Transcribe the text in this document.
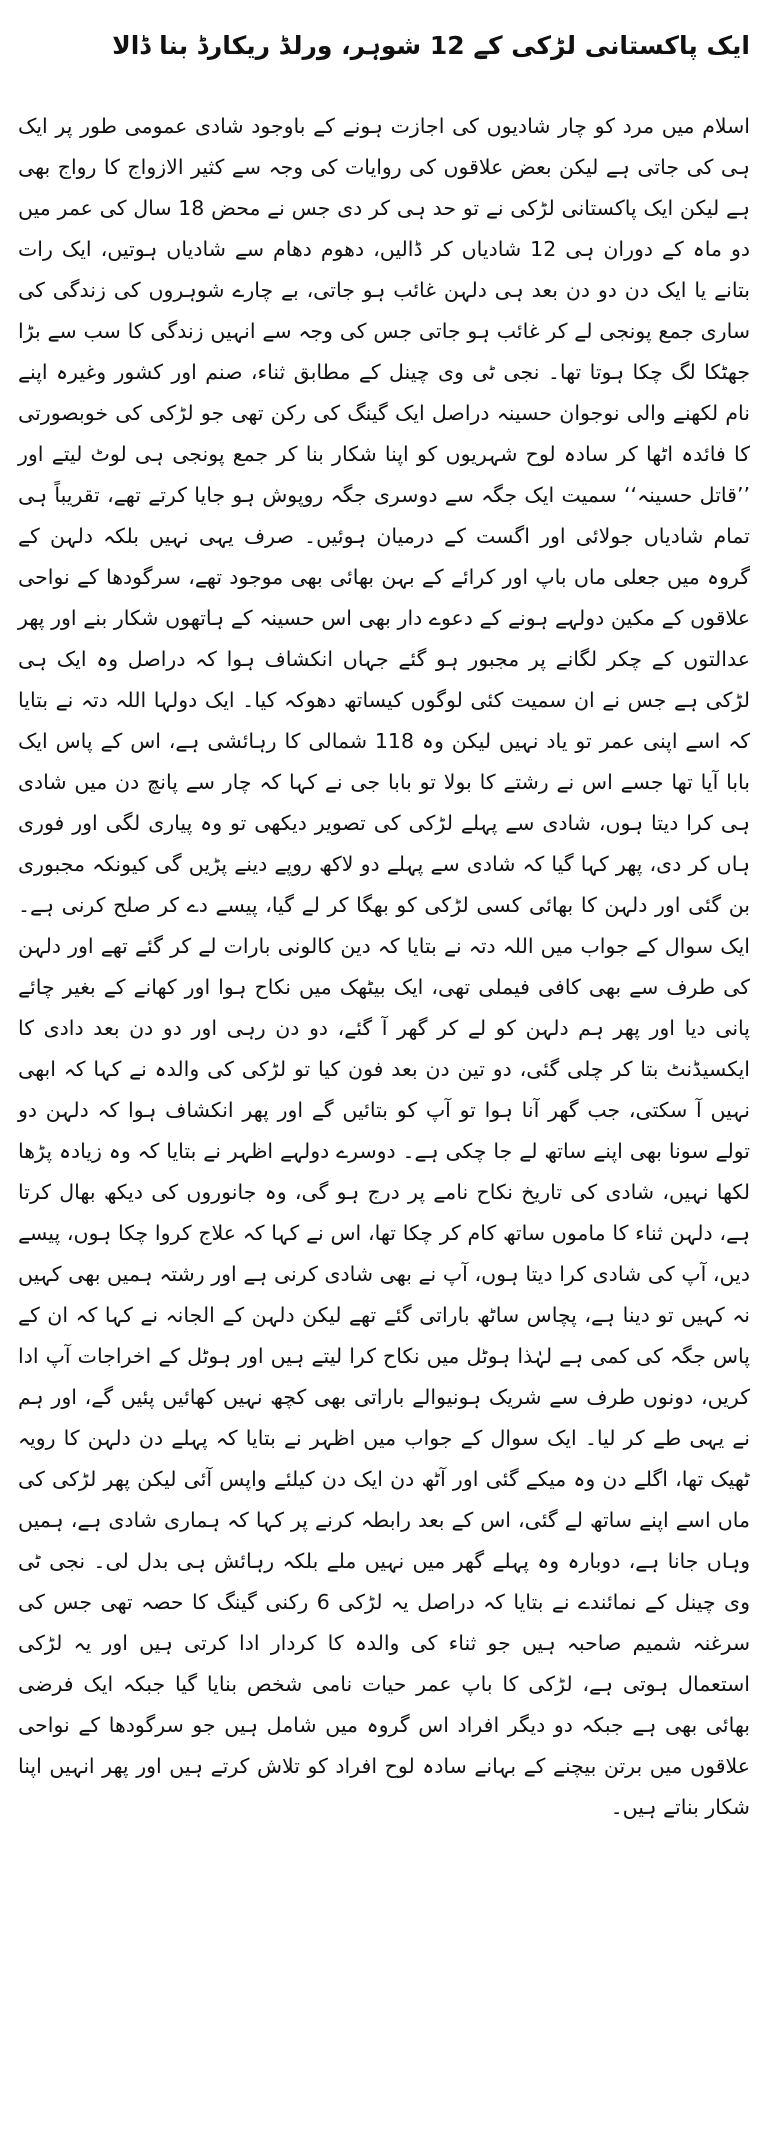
ایک پاکستانی لڑکی کے 12 شوہر، ورلڈ ریکارڈ بنا ڈالا

اسلام میں مرد کو چار شادیوں کی اجازت ہونے کے باوجود شادی عمومی طور پر ایک ہی کی جاتی ہے لیکن بعض علاقوں کی روایات کی وجہ سے کثیر الازواج کا رواج بھی ہے لیکن ایک پاکستانی لڑکی نے تو حد ہی کر دی جس نے محض 18 سال کی عمر میں دو ماہ کے دوران ہی 12 شادیاں کر ڈالیں، دھوم دھام سے شادیاں ہوتیں، ایک رات بتانے یا ایک دن دو دن بعد ہی دلہن غائب ہو جاتی، بے چارے شوہروں کی زندگی کی ساری جمع پونجی لے کر غائب ہو جاتی جس کی وجہ سے انہیں زندگی کا سب سے بڑا جھٹکا لگ چکا ہوتا تھا۔ نجی ٹی وی چینل کے مطابق ثناء، صنم اور کشور وغیرہ اپنے نام لکھنے والی نوجوان حسینہ دراصل ایک گینگ کی رکن تھی جو لڑکی کی خوبصورتی کا فائدہ اٹھا کر سادہ لوح شہریوں کو اپنا شکار بنا کر جمع پونجی ہی لوٹ لیتے اور ’’قاتل حسینہ‘‘ سمیت ایک جگہ سے دوسری جگہ روپوش ہو جایا کرتے تھے، تقریباً ہی تمام شادیاں جولائی اور اگست کے درمیان ہوئیں۔ صرف یہی نہیں بلکہ دلہن کے گروہ میں جعلی ماں باپ اور کرائے کے بہن بھائی بھی موجود تھے، سرگودھا کے نواحی علاقوں کے مکین دولہے ہونے کے دعوے دار بھی اس حسینہ کے ہاتھوں شکار بنے اور پھر عدالتوں کے چکر لگانے پر مجبور ہو گئے جہاں انکشاف ہوا کہ دراصل وہ ایک ہی لڑکی ہے جس نے ان سمیت کئی لوگوں کیساتھ دھوکہ کیا۔ ایک دولہا اللہ دتہ نے بتایا کہ اسے اپنی عمر تو یاد نہیں لیکن وہ 118 شمالی کا رہائشی ہے، اس کے پاس ایک بابا آیا تھا جسے اس نے رشتے کا بولا تو بابا جی نے کہا کہ چار سے پانچ دن میں شادی ہی کرا دیتا ہوں، شادی سے پہلے لڑکی کی تصویر دیکھی تو وہ پیاری لگی اور فوری ہاں کر دی، پھر کہا گیا کہ شادی سے پہلے دو لاکھ روپے دینے پڑیں گی کیونکہ مجبوری بن گئی اور دلہن کا بھائی کسی لڑکی کو بھگا کر لے گیا، پیسے دے کر صلح کرنی ہے۔ ایک سوال کے جواب میں اللہ دتہ نے بتایا کہ دین کالونی بارات لے کر گئے تھے اور دلہن کی طرف سے بھی کافی فیملی تھی، ایک بیٹھک میں نکاح ہوا اور کھانے کے بغیر چائے پانی دیا اور پھر ہم دلہن کو لے کر گھر آ گئے، دو دن رہی اور دو دن بعد دادی کا ایکسیڈنٹ بتا کر چلی گئی، دو تین دن بعد فون کیا تو لڑکی کی والدہ نے کہا کہ ابھی نہیں آ سکتی، جب گھر آنا ہوا تو آپ کو بتائیں گے اور پھر انکشاف ہوا کہ دلہن دو تولے سونا بھی اپنے ساتھ لے جا چکی ہے۔ دوسرے دولہے اظہر نے بتایا کہ وہ زیادہ پڑھا لکھا نہیں، شادی کی تاریخ نکاح نامے پر درج ہو گی، وہ جانوروں کی دیکھ بھال کرتا ہے، دلہن ثناء کا ماموں ساتھ کام کر چکا تھا، اس نے کہا کہ علاج کروا چکا ہوں، پیسے دیں، آپ کی شادی کرا دیتا ہوں، آپ نے بھی شادی کرنی ہے اور رشتہ ہمیں بھی کہیں نہ کہیں تو دینا ہے، پچاس ساٹھ باراتی گئے تھے لیکن دلہن کے الجانہ نے کہا کہ ان کے پاس جگہ کی کمی ہے لہٰذا ہوٹل میں نکاح کرا لیتے ہیں اور ہوٹل کے اخراجات آپ ادا کریں، دونوں طرف سے شریک ہونیوالے باراتی بھی کچھ نہیں کھائیں پئیں گے، اور ہم نے یہی طے کر لیا۔ ایک سوال کے جواب میں اظہر نے بتایا کہ پہلے دن دلہن کا رویہ ٹھیک تھا، اگلے دن وہ میکے گئی اور آٹھ دن ایک دن کیلئے واپس آئی لیکن پھر لڑکی کی ماں اسے اپنے ساتھ لے گئی، اس کے بعد رابطہ کرنے پر کہا کہ ہماری شادی ہے، ہمیں وہاں جانا ہے، دوبارہ وہ پہلے گھر میں نہیں ملے بلکہ رہائش ہی بدل لی۔ نجی ٹی وی چینل کے نمائندے نے بتایا کہ دراصل یہ لڑکی 6 رکنی گینگ کا حصہ تھی جس کی سرغنہ شمیم صاحبہ ہیں جو ثناء کی والدہ کا کردار ادا کرتی ہیں اور یہ لڑکی استعمال ہوتی ہے، لڑکی کا باپ عمر حیات نامی شخص بنایا گیا جبکہ ایک فرضی بھائی بھی ہے جبکہ دو دیگر افراد اس گروہ میں شامل ہیں جو سرگودھا کے نواحی علاقوں میں برتن بیچنے کے بہانے سادہ لوح افراد کو تلاش کرتے ہیں اور پھر انہیں اپنا شکار بناتے ہیں۔
